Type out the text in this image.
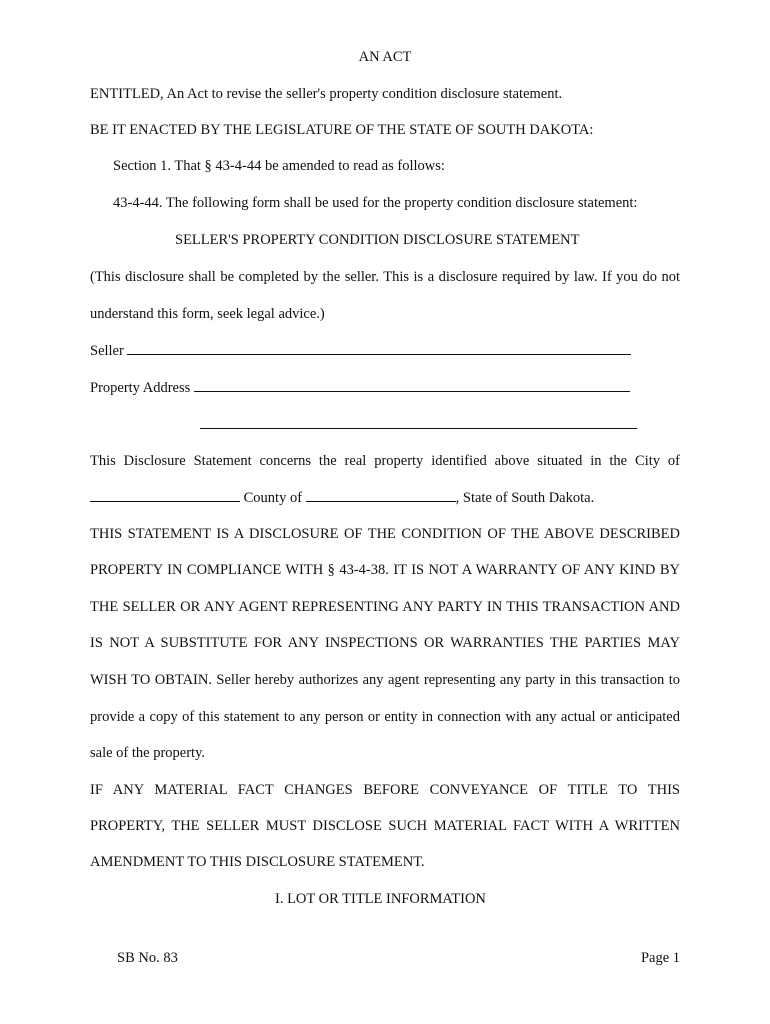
AN ACT
ENTITLED, An Act to revise the seller's property condition disclosure statement.
BE IT ENACTED BY THE LEGISLATURE OF THE STATE OF SOUTH DAKOTA:
Section 1. That § 43-4-44 be amended to read as follows:
43-4-44. The following form shall be used for the property condition disclosure statement:
SELLER'S PROPERTY CONDITION DISCLOSURE STATEMENT
(This disclosure shall be completed by the seller. This is a disclosure required by law. If you do not
understand this form, seek legal advice.)
Seller
Property Address
This Disclosure Statement concerns the real property identified above situated in the City of
County of	, State of South Dakota.
THIS STATEMENT IS A DISCLOSURE OF THE CONDITION OF THE ABOVE DESCRIBED
PROPERTY IN COMPLIANCE WITH § 43-4-38. IT IS NOT A WARRANTY OF ANY KIND BY
THE SELLER OR ANY AGENT REPRESENTING ANY PARTY IN THIS TRANSACTION AND
IS NOT A SUBSTITUTE FOR ANY INSPECTIONS OR WARRANTIES THE PARTIES MAY
WISH TO OBTAIN. Seller hereby authorizes any agent representing any party in this transaction to
provide a copy of this statement to any person or entity in connection with any actual or anticipated
sale of the property.
IF ANY MATERIAL FACT CHANGES BEFORE CONVEYANCE OF TITLE TO THIS
PROPERTY, THE SELLER MUST DISCLOSE SUCH MATERIAL FACT WITH A WRITTEN
AMENDMENT TO THIS DISCLOSURE STATEMENT.
I. LOT OR TITLE INFORMATION
SB No. 83	Page 1
